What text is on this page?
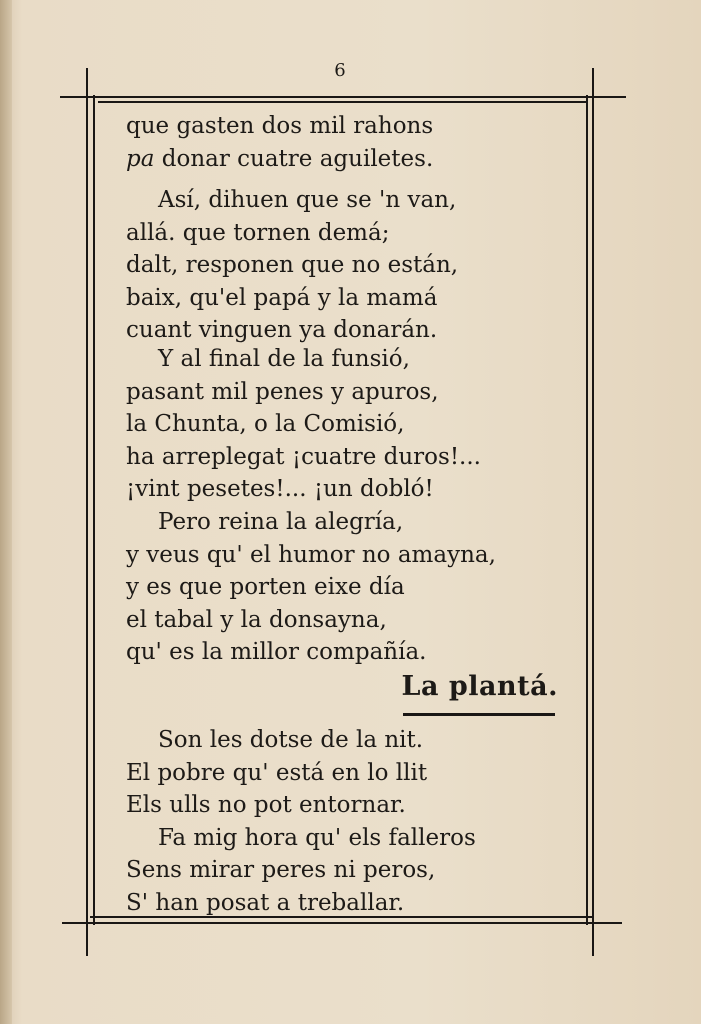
6
que gasten dos mil rahons
pa donar cuatre aguiletes.
Así, dihuen que se 'n van,
allá. que tornen demá;
dalt, responen que no están,
baix, qu'el papá y la mamá
cuant vinguen ya donarán.
Y al final de la funsió,
pasant mil penes y apuros,
la Chunta, o la Comisió,
ha arreplegat ¡cuatre duros!...
¡vint pesetes!... ¡un dobló!
Pero reina la alegría,
y veus qu' el humor no amayna,
y es que porten eixe día
el tabal y la donsayna,
qu' es la millor compañía.
La plantá.
Son les dotse de la nit.
El pobre qu' está en lo llit
Els ulls no pot entornar.
Fa mig hora qu' els falleros
Sens mirar peres ni peros,
S' han posat a treballar.
